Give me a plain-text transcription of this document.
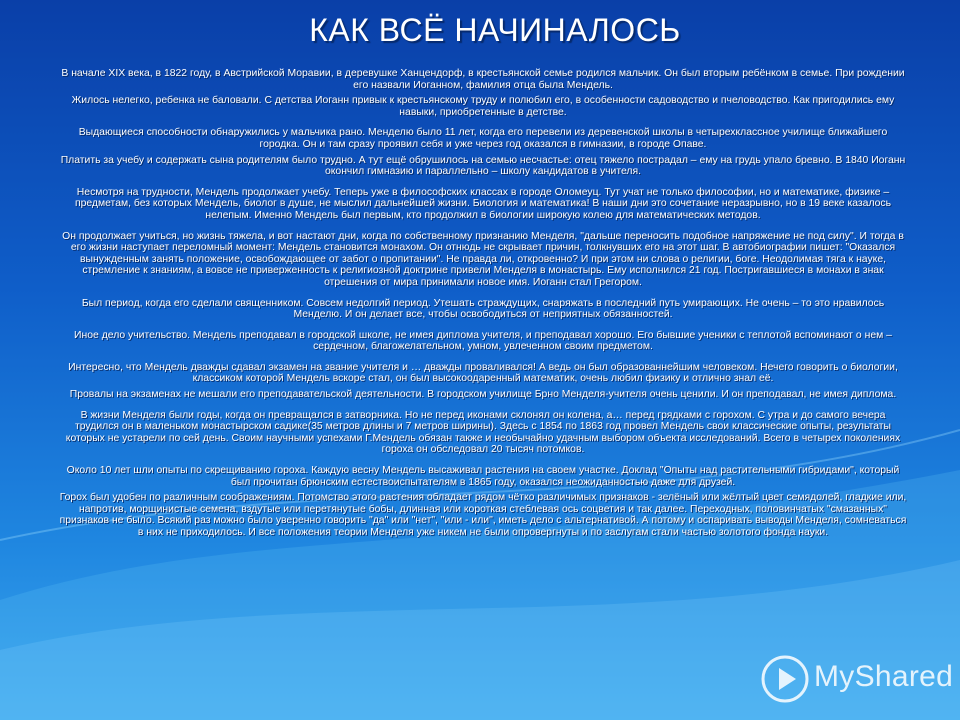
КАК ВСЁ НАЧИНАЛОСЬ

В начале XIX века, в 1822 году, в Австрийской Моравии, в деревушке Ханцендорф, в крестьянской семье родился мальчик. Он был вторым ребёнком в семье. При рождении его назвали Иоганном, фамилия отца была Мендель.

Жилось нелегко, ребенка не баловали. С детства Иоганн привык к крестьянскому труду и полюбил его, в особенности садоводство и пчеловодство. Как пригодились ему навыки, приобретенные в детстве.

Выдающиеся способности обнаружились у мальчика рано. Менделю было 11 лет, когда его перевели из деревенской школы в четырехклассное училище ближайшего городка. Он и там сразу проявил себя и уже через год оказался в гимназии, в городе Опаве.

Платить за учебу и содержать сына родителям было трудно. А тут ещё обрушилось на семью несчастье: отец тяжело пострадал – ему на грудь упало бревно. В 1840 Иоганн окончил гимназию и параллельно – школу кандидатов в учителя.

Несмотря на трудности, Мендель продолжает учебу. Теперь уже в философских классах в городе Оломеуц. Тут учат не только философии, но и математике, физике – предметам, без которых Мендель, биолог в душе, не мыслил дальнейшей жизни. Биология и математика! В наши дни это сочетание неразрывно, но в 19 веке казалось нелепым. Именно Мендель был первым, кто продолжил в биологии широкую колею для математических методов.

Он продолжает учиться, но жизнь тяжела, и вот настают дни, когда по собственному признанию Менделя, "дальше переносить подобное напряжение не под силу". И тогда в его жизни наступает переломный момент: Мендель становится монахом. Он отнюдь не скрывает причин, толкнувших его на этот шаг. В автобиографии пишет: "Оказался вынужденным занять положение, освобождающее от забот о пропитании". Не правда ли, откровенно? И при этом ни слова о религии, боге. Неодолимая тяга к науке, стремление к знаниям, а вовсе не приверженность к религиозной доктрине привели Менделя в монастырь. Ему исполнился 21 год. Постригавшиеся в монахи в знак отрешения от мира принимали новое имя. Иоганн стал Грегором.

Был период, когда его сделали священником. Совсем недолгий период. Утешать страждущих, снаряжать в последний путь умирающих. Не очень – то это нравилось Менделю. И он делает все, чтобы освободиться от неприятных обязанностей.

Иное дело учительство. Мендель преподавал в городской школе, не имея диплома учителя, и преподавал хорошо. Его бывшие ученики с теплотой вспоминают о нем – сердечном, благожелательном, умном, увлеченном своим предметом.

Интересно, что Мендель дважды сдавал экзамен на звание учителя и … дважды проваливался! А ведь он был образованнейшим человеком. Нечего говорить о биологии, классиком которой Мендель вскоре стал, он был высокоодаренный математик, очень любил физику и отлично знал её.

Провалы на экзаменах не мешали его преподавательской деятельности. В городском училище Брно Менделя-учителя очень ценили. И он преподавал, не имея диплома.

В жизни Менделя были годы, когда он превращался в затворника. Но не перед иконами склонял он колена, а… перед грядками с горохом. С утра и до самого вечера трудился он в маленьком монастырском садике(35 метров длины и 7 метров ширины). Здесь с 1854 по 1863 год провел Мендель свои классические опыты, результаты которых не устарели по сей день. Своим научными успехами Г.Мендель обязан также и необычайно удачным выбором объекта исследований. Всего в четырех поколениях гороха он обследовал 20 тысяч потомков.

Около 10 лет шли опыты по скрещиванию гороха. Каждую весну Мендель высаживал растения на своем участке. Доклад "Опыты над растительными гибридами", который был прочитан брюнским естествоиспытателям в 1865 году, оказался неожиданностью даже для друзей.

Горох был удобен по различным соображениям. Потомство этого растения обладает рядом чётко различимых признаков - зелёный или жёлтый цвет семядолей, гладкие или, напротив, морщинистые семена, вздутые или перетянутые бобы, длинная или короткая стеблевая ось соцветия и так далее. Переходных, половинчатых "смазанных" признаков не было. Всякий раз можно было уверенно говорить "да" или "нет", "или - или", иметь дело с альтернативой. А потому и оспаривать выводы Менделя, сомневаться в них не приходилось. И все положения теории Менделя уже никем не были опровергнуты и по заслугам стали частью золотого фонда науки.

MyShared
